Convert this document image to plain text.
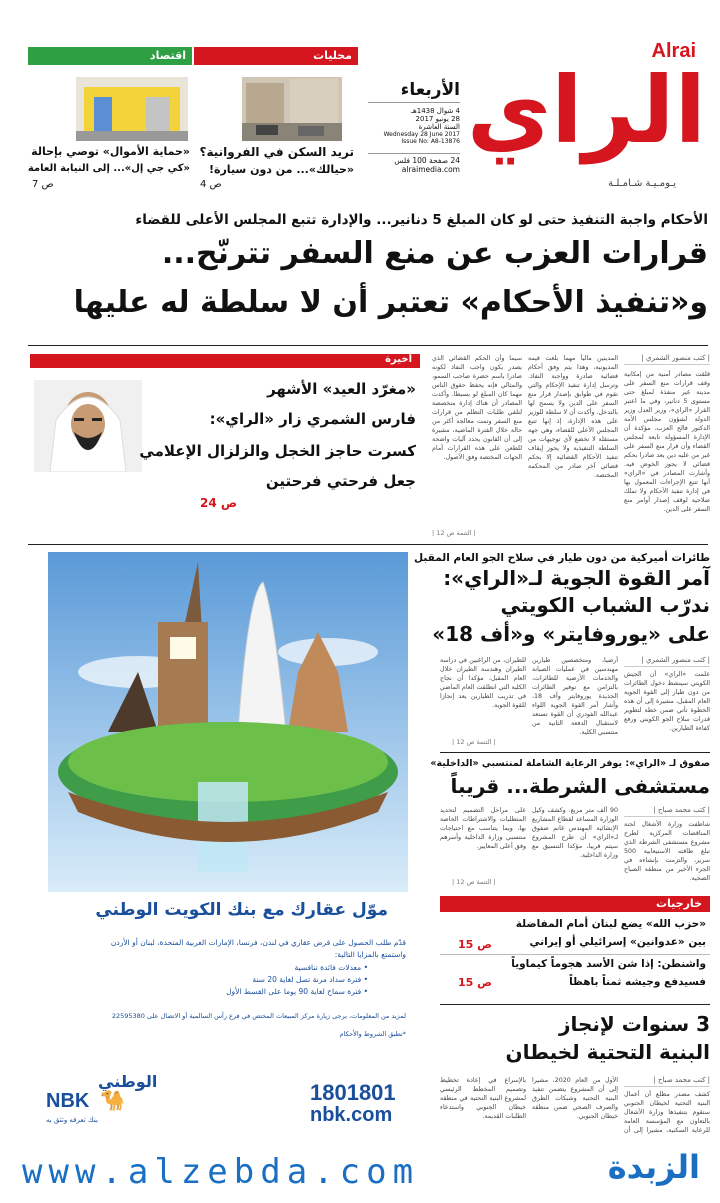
Alrai
الراي
يـومـيـة شـامـلـة
الأربعاء
4 شوال 1438هـ
28 يونيو 2017
السنة العاشرة
Wednesday 28 June 2017
Issue No: A8-13876
24 صفحة 100 فلس
alraimedia.com
محليات
تريد السكن في الفروانية؟
«حيالك»... من دون سيارة!
ص 4
اقتصاد
«حماية الأموال» توصي بإحالة
«كي جي إل»... إلى النيابة العامة
ص 7
الأحكام واجبة التنفيذ حتى لو كان المبلغ 5 دنانير... والإدارة تتبع المجلس الأعلى للقضاء
قرارات العزب عن منع السفر تترنّح...
و«تنفيذ الأحكام» تعتبر أن لا سلطة له عليها
| كتب منصور الشمري |
قلقت مصادر أمنية من إمكانية وقف قرارات منع السفر على مدينة غير منفذة لمبلغ حتى مستوى 5 دنانير، وفي ما اعتبر القرار «الراي»، وزير العدل وزير الدولة لشؤون مجلس الأمة الدكتور فالح العزب، مؤكدة أن الإدارة المسؤولة تابعة لمجلس القضاء وأن قرار منع السفر على غير من عليه دين يعد صادرا بحكم قضائي لا يجوز الخوض فيه. وأشارت المصادر في «الراي» أنها تتبع الإجراءات المعمول بها في إدارة تنفيذ الأحكام ولا تملك صلاحية لوقف إصدار أوامر منع السفر على الدين.
المدينين مالياً مهما بلغت قيمة المديونية، وهذا يتم وفق أحكام قضائية صادرة وواجبة النفاذ. وترسل إدارة تنفيذ الإحكام والتي تقوم في طوابق بإصدار قرار منع السفر على الدين ولا يسمح لها بالتدخل. وأكدت أن لا سلطة للوزير على هذه الإدارة، إذ إنها تتبع المجلس الأعلى للقضاء، وهي جهة مستقلة لا تخضع لأي توجيهات من السلطة التنفيذية ولا يجوز إيقاف تنفيذ الأحكام القضائية إلا بحكم قضائي آخر صادر من المحكمة المختصة.
سيما وأن الحكم القضائي الذي يصدر يكون واجب النفاذ لكونه صادرا باسم حضرة صاحب السمو، والمثالي فإنه يحفظ حقوق الناس مهما كان المبلغ لو بسيطا. وأكدت المصادر أن هناك إدارة متخصصة لتلقي طلبات التظلم من قرارات منع السفر وتمت معالجة أكثر من حالة خلال الفترة الماضية، مشيرة إلى أن القانون يحدد آليات واضحة للطعن على هذه القرارات أمام الجهات المختصة وفق الأصول.
| التتمة ص 12 |
أخيرة
«مغرّد العيد» الأشهر
فارس الشمري زار «الراي»:
كسرت حاجز الخجل والزلزال الإعلامي
جعل فرحتي فرحتين
ص 24
موّل عقارك مع بنك الكويت الوطني
قدّم طلب الحصول على قرض عقاري في لندن، فرنسا، الإمارات العربية المتحدة، لبنان أو الأردن
واستمتع بالمزايا التالية:
• معدلات فائدة تنافسية
• فترة سداد مرنة تصل لغاية 20 سنة
• فترة سماح لغاية 90 يوما على القسط الأول
لمزيد من المعلومات، يرجى زيارة مركز المبيعات المختص في فرع رأس السالمية أو الاتصال على 22595380
*تطبق الشروط والأحكام
1801801
nbk.com
الوطني
NBK 🐪
بنك تعرفه وتثق به
طائرات أميركية من دون طيار في سلاح الجو العام المقبل
آمر القوة الجوية لـ«الراي»:
ندرّب الشباب الكويتي
على «يوروفايتر» و«أف 18»
| كتب منصور الشمري |
علمت «الراي» أن الجيش الكويتي سينشط دخول الطائرات من دون طيار إلى القوة الجوية العام المقبل، مشيرة إلى أن هذه الخطوة تأتي ضمن خطة لتطوير قدرات سلاح الجو الكويتي ورفع كفاءة الطيارين.
أرضيا، ومتخصصين طيارين مهندسين في عمليات الصيانة والخدمات الأرضية للطائرات، بالتزامن مع توفير الطائرات الجديدة يوروفايتر وأف 18، وأشار آمر القوة الجوية اللواء عبدالله الفودري أن القوة تستعد لاستقبال الدفعة الثانية من منتسبي الكلية.
للطيران، من الراغبين في دراسة الطيران وهندسة الطيران خلال العام المقبل، مؤكدا أن نجاح الكلية التي انطلقت العام الماضي في تدريب الطيارين يعد إنجازا للقوة الجوية.
| التتمة ص 12 |
صفوق لـ «الراي»: يوفر الرعاية الشاملة لمنتسبي «الداخلية»
مستشفى الشرطة... قريباً
| كتب محمد صباح |
شاطفت وزارة الأشغال لجنة المناقصات المركزية لطرح مشروع مستشفى الشرطة الذي تبلغ طاقته الاستيعابية 500 سرير، والتزمت بإنشاءه في الجزء الأخير من منطقة الصباح الصحية.
90 ألف متر مربع. وكشف وكيل الوزارة المساعد لقطاع المشاريع الإنشائية المهندس غانم صفوق لـ«الراي» أن طرح المشروع سيتم قريبا، مؤكدا التنسيق مع وزارة الداخلية.
على مراحل التصميم لتحديد المتطلبات والاشتراطات الخاصة بها، وبما يتناسب مع احتياجات منتسبي وزارة الداخلية وأسرهم وفق أعلى المعايير.
| التتمة ص 12 |
خارجيات
«حزب الله» يضع لبنان أمام المفاضلة
بين «عدوانين» إسرائيلي أو إيراني
ص 15
واشنطن: إذا شن الأسد هجوماً كيماوياً
فسيدفع وجيشه ثمناً باهظاً
ص 15
3 سنوات لإنجاز
البنية التحتية لخيطان
| كتب محمد صباح |
كشف مصدر مطلع أن أعمال البنية التحتية لخيطان الجنوبي ستقوم بتنفيذها وزارة الأشغال بالتعاون مع المؤسسة العامة للرعاية السكنية، مشيرا إلى أن
الأول من العام 2020، مشيرا إلى أن المشروع يتضمن تنفيذ البنية التحتية وشبكات الطرق والصرف الصحي ضمن منطقة خيطان الجنوبي.
بالإسراع في إعادة تخطيط وتصميم المخطط الرئيسي لمشروع البنية التحتية في منطقة خيطان الجنوبي واستدعاء الطلبات القديمة.
www.alzebda.com	الزبدة
